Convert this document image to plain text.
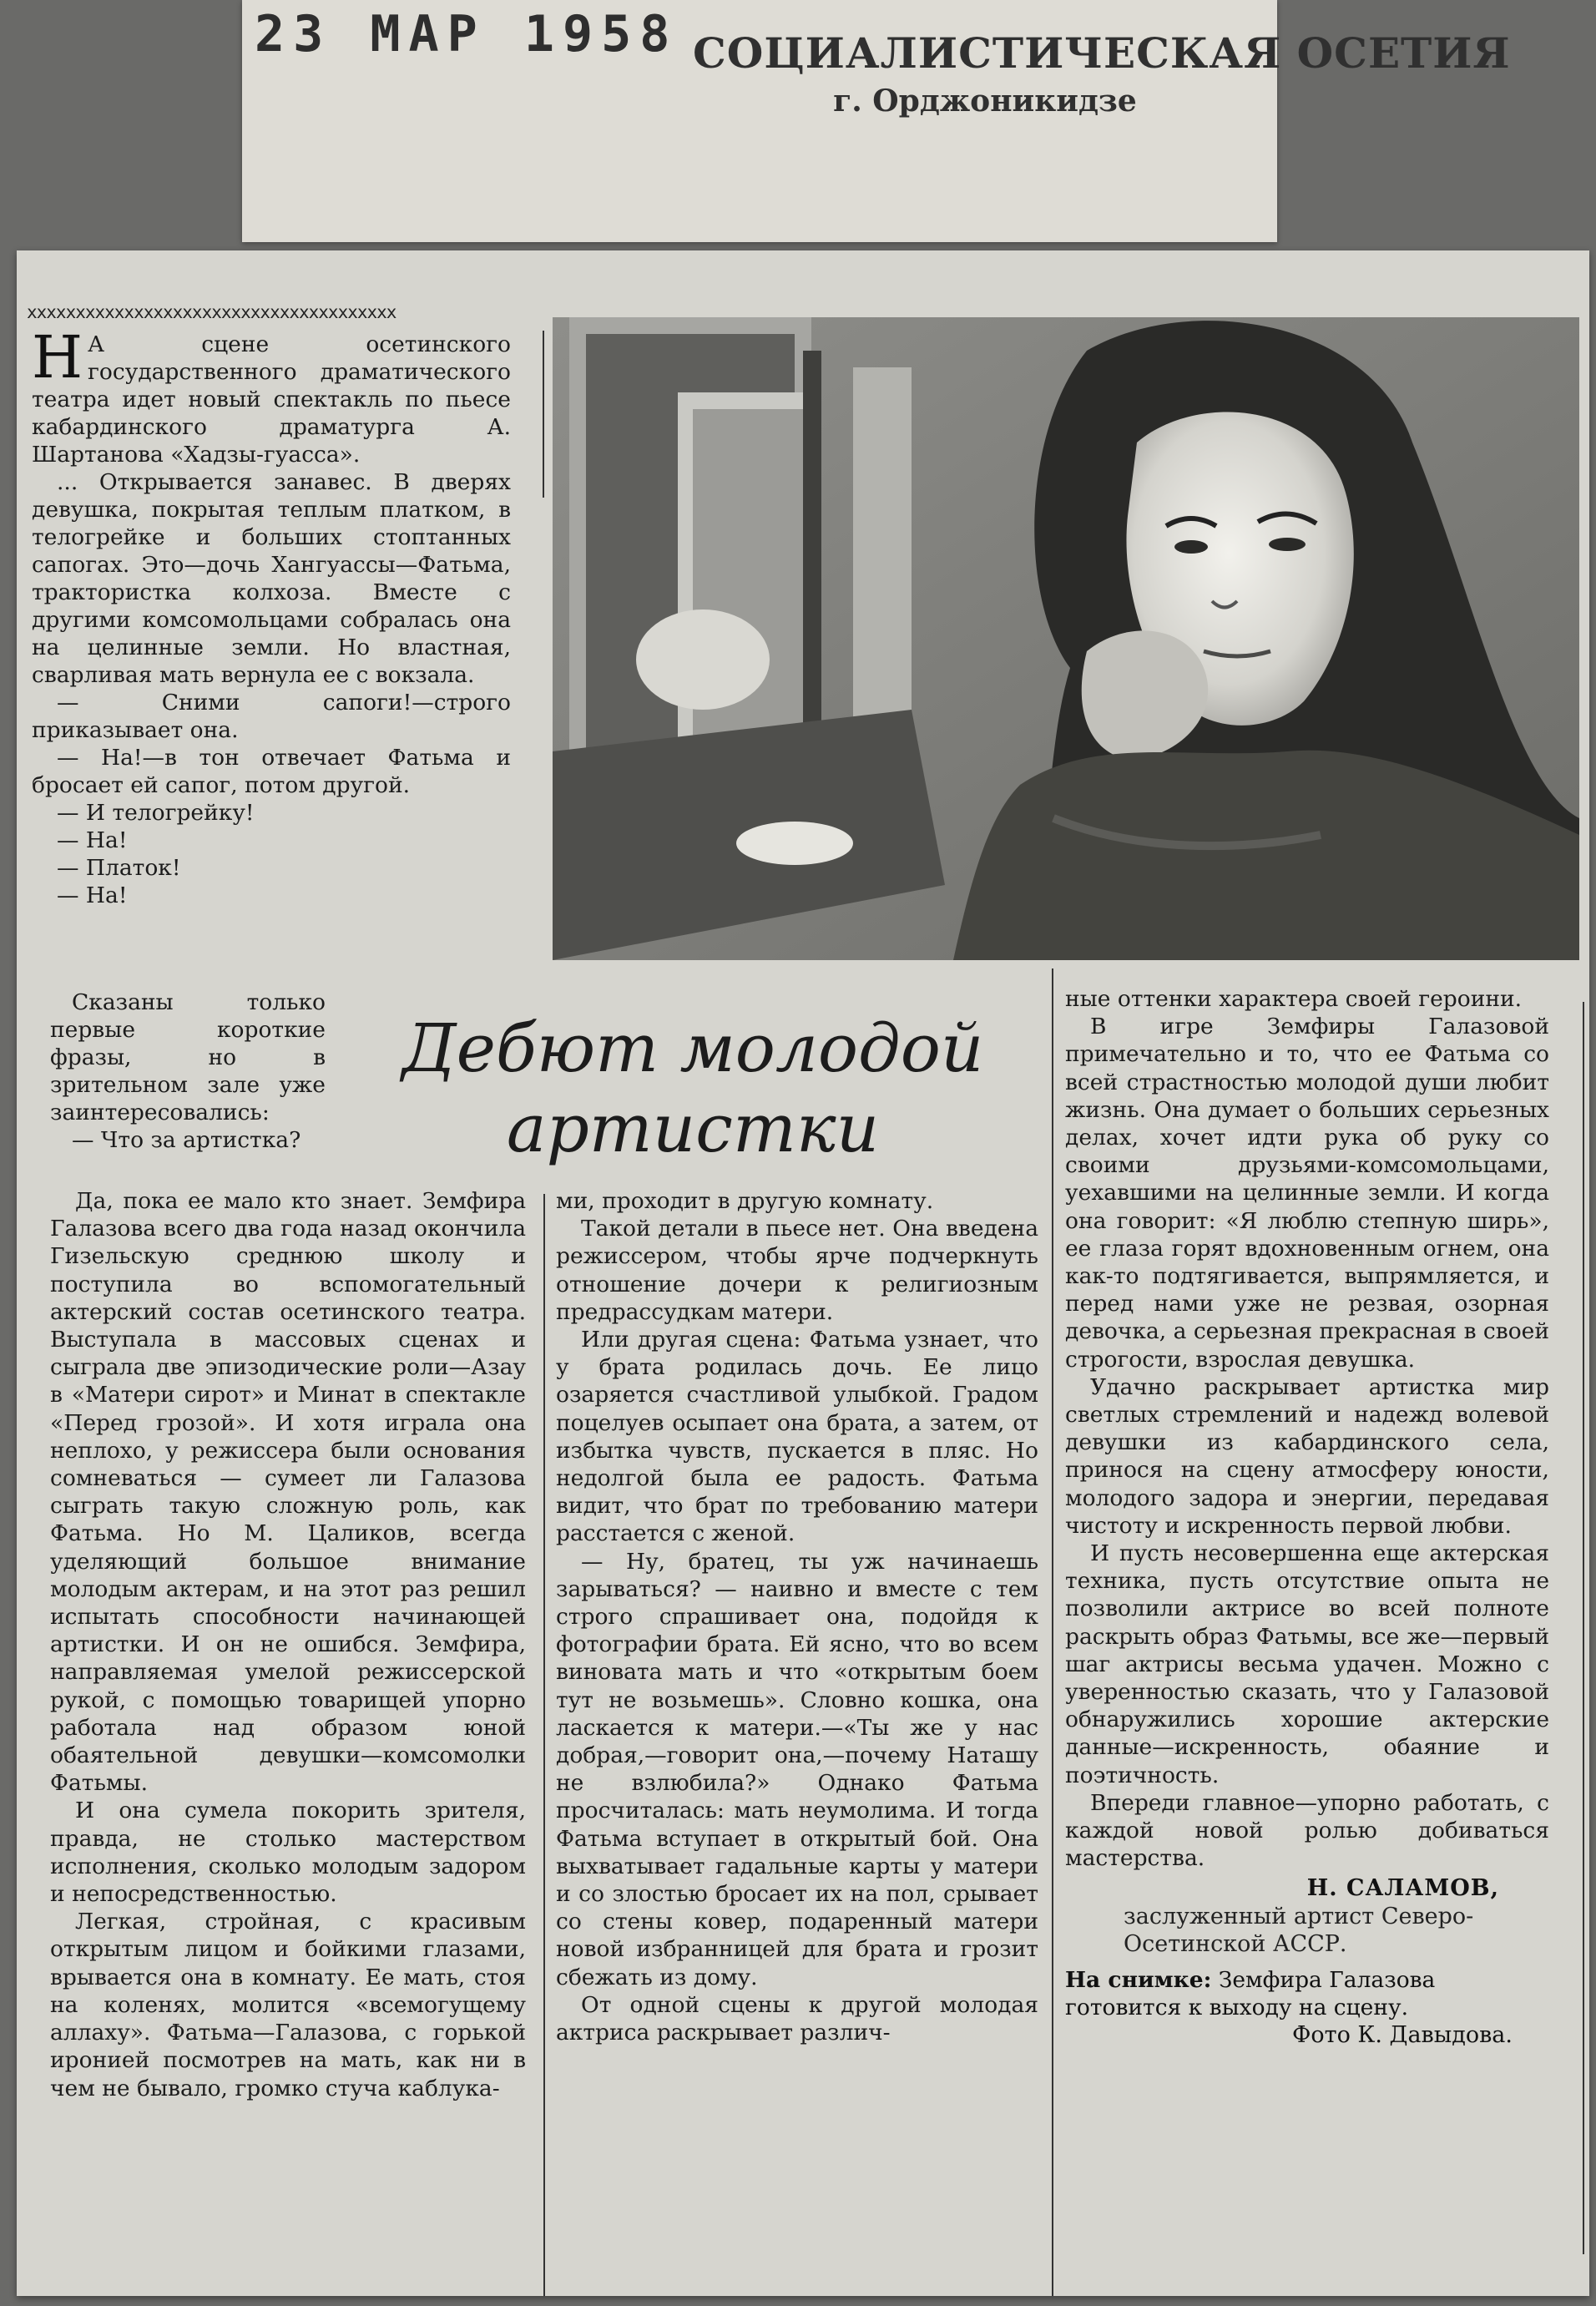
23 МАР 1958 СОЦИАЛИСТИЧЕСКАЯ ОСЕТИЯ
г. Орджоникидзе
xxxxxxxxxxxxxxxxxxxxxxxxxxxxxxxxxxxxxx

Н А сцене осетинского государственного драматического театра идет новый спектакль по пьесе кабардинского драматурга А. Шартанова «Хадзы-гуасса».

... Открывается занавес. В дверях девушка, покрытая теплым платком, в телогрейке и больших стоптанных сапогах. Это—дочь Хангуассы—Фатьма, трактористка колхоза. Вместе с другими комсомольцами собралась она на целинные земли. Но властная, сварливая мать вернула ее с вокзала.

— Сними сапоги!—строго приказывает она.

— На!—в тон отвечает Фатьма и бросает ей сапог, потом другой.

— И телогрейку!

— На!

— Платок!

— На!

Сказаны только первые короткие фразы, но в зрительном зале уже заинтересовались:

— Что за артистка?

Дебют молодой
артистки

Да, пока ее мало кто знает. Земфира Галазова всего два года назад окончила Гизельскую среднюю школу и поступила во вспомогательный актерский состав осетинского театра. Выступала в массовых сценах и сыграла две эпизодические роли—Азау в «Матери сирот» и Минат в спектакле «Перед грозой». И хотя играла она неплохо, у режиссера были основания сомневаться — сумеет ли Галазова сыграть такую сложную роль, как Фатьма. Но М. Цаликов, всегда уделяющий большое внимание молодым актерам, и на этот раз решил испытать способности начинающей артистки. И он не ошибся. Земфира, направляемая умелой режиссерской рукой, с помощью товарищей упорно работала над образом юной обаятельной девушки—комсомолки Фатьмы.

И она сумела покорить зрителя, правда, не столько мастерством исполнения, сколько молодым задором и непосредственностью.

Легкая, стройная, с красивым открытым лицом и бойкими глазами, врывается она в комнату. Ее мать, стоя на коленях, молится «всемогущему аллаху». Фатьма—Галазова, с горькой иронией посмотрев на мать, как ни в чем не бывало, громко стуча каблука-

ми, проходит в другую комнату.

Такой детали в пьесе нет. Она введена режиссером, чтобы ярче подчеркнуть отношение дочери к религиозным предрассудкам матери.

Или другая сцена: Фатьма узнает, что у брата родилась дочь. Ее лицо озаряется счастливой улыбкой. Градом поцелуев осыпает она брата, а затем, от избытка чувств, пускается в пляс. Но недолгой была ее радость. Фатьма видит, что брат по требованию матери расстается с женой.

— Ну, братец, ты уж начинаешь зарываться? — наивно и вместе с тем строго спрашивает она, подойдя к фотографии брата. Ей ясно, что во всем виновата мать и что «открытым боем тут не возьмешь». Словно кошка, она ласкается к матери.—«Ты же у нас добрая,—говорит она,—почему Наташу не взлюбила?» Однако Фатьма просчиталась: мать неумолима. И тогда Фатьма вступает в открытый бой. Она выхватывает гадальные карты у матери и со злостью бросает их на пол, срывает со стены ковер, подаренный матери новой избранницей для брата и грозит сбежать из дому.

От одной сцены к другой молодая актриса раскрывает различ-

ные оттенки характера своей героини.

В игре Земфиры Галазовой примечательно и то, что ее Фатьма со всей страстностью молодой души любит жизнь. Она думает о больших серьезных делах, хочет идти рука об руку со своими друзьями-комсомольцами, уехавшими на целинные земли. И когда она говорит: «Я люблю степную ширь», ее глаза горят вдохновенным огнем, она как-то подтягивается, выпрямляется, и перед нами уже не резвая, озорная девочка, а серьезная прекрасная в своей строгости, взрослая девушка.

Удачно раскрывает артистка мир светлых стремлений и надежд волевой девушки из кабардинского села, принося на сцену атмосферу юности, молодого задора и энергии, передавая чистоту и искренность первой любви.

И пусть несовершенна еще актерская техника, пусть отсутствие опыта не позволили актрисе во всей полноте раскрыть образ Фатьмы, все же—первый шаг актрисы весьма удачен. Можно с уверенностью сказать, что у Галазовой обнаружились хорошие актерские данные—искренность, обаяние и поэтичность.

Впереди главное—упорно работать, с каждой новой ролью добиваться мастерства.

Н. САЛАМОВ,
заслуженный артист Северо-Осетинской АССР.
На снимке: Земфира Галазова готовится к выходу на сцену.
Фото К. Давыдова.
